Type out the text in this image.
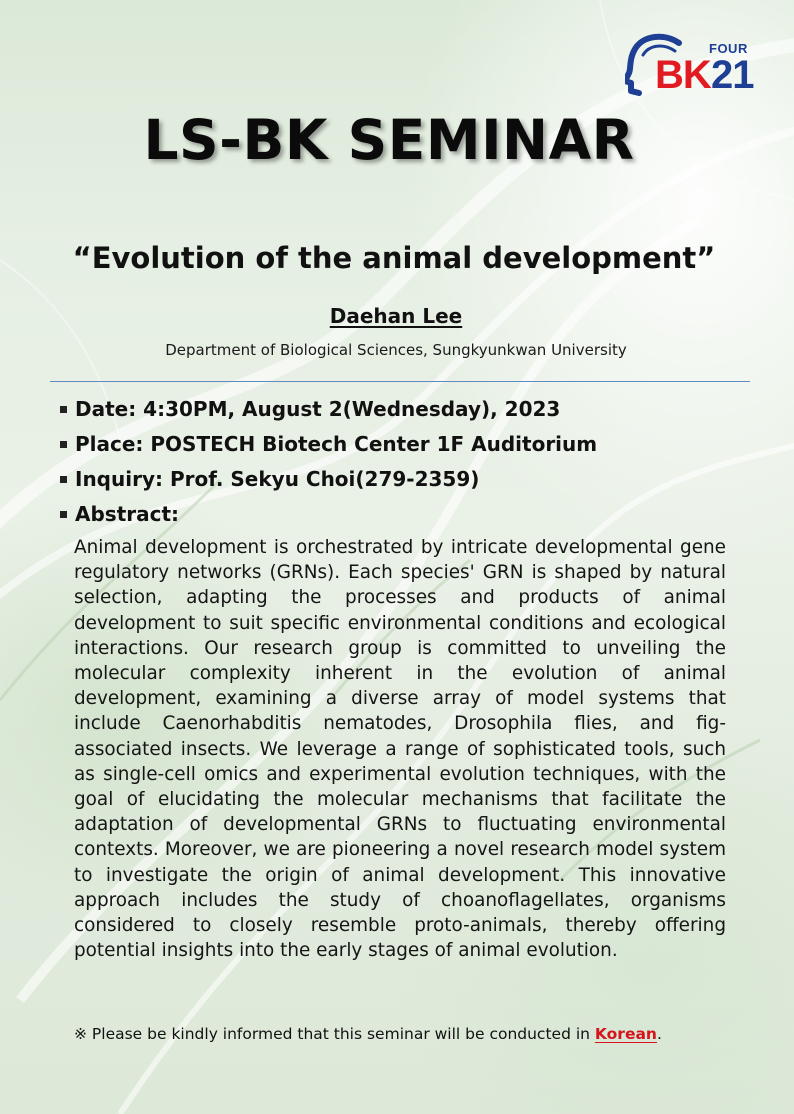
FOUR
BK 21
LS-BK SEMINAR
“Evolution of the animal development”
Daehan Lee
Department of Biological Sciences, Sungkyunkwan University
Date: 4:30PM, August 2(Wednesday), 2023
Place: POSTECH Biotech Center 1F Auditorium
Inquiry: Prof. Sekyu Choi(279-2359)
Abstract:

Animal development is orchestrated by intricate developmental gene regulatory networks (GRNs). Each species' GRN is shaped by natural selection, adapting the processes and products of animal development to suit specific environmental conditions and ecological interactions. Our research group is committed to unveiling the molecular complexity inherent in the evolution of animal development, examining a diverse array of model systems that include Caenorhabditis nematodes, Drosophila flies, and fig-associated insects. We leverage a range of sophisticated tools, such as single-cell omics and experimental evolution techniques, with the goal of elucidating the molecular mechanisms that facilitate the adaptation of developmental GRNs to fluctuating environmental contexts. Moreover, we are pioneering a novel research model system to investigate the origin of animal development. This innovative approach includes the study of choanoflagellates, organisms considered to closely resemble proto-animals, thereby offering potential insights into the early stages of animal evolution.

※ Please be kindly informed that this seminar will be conducted in Korean.
